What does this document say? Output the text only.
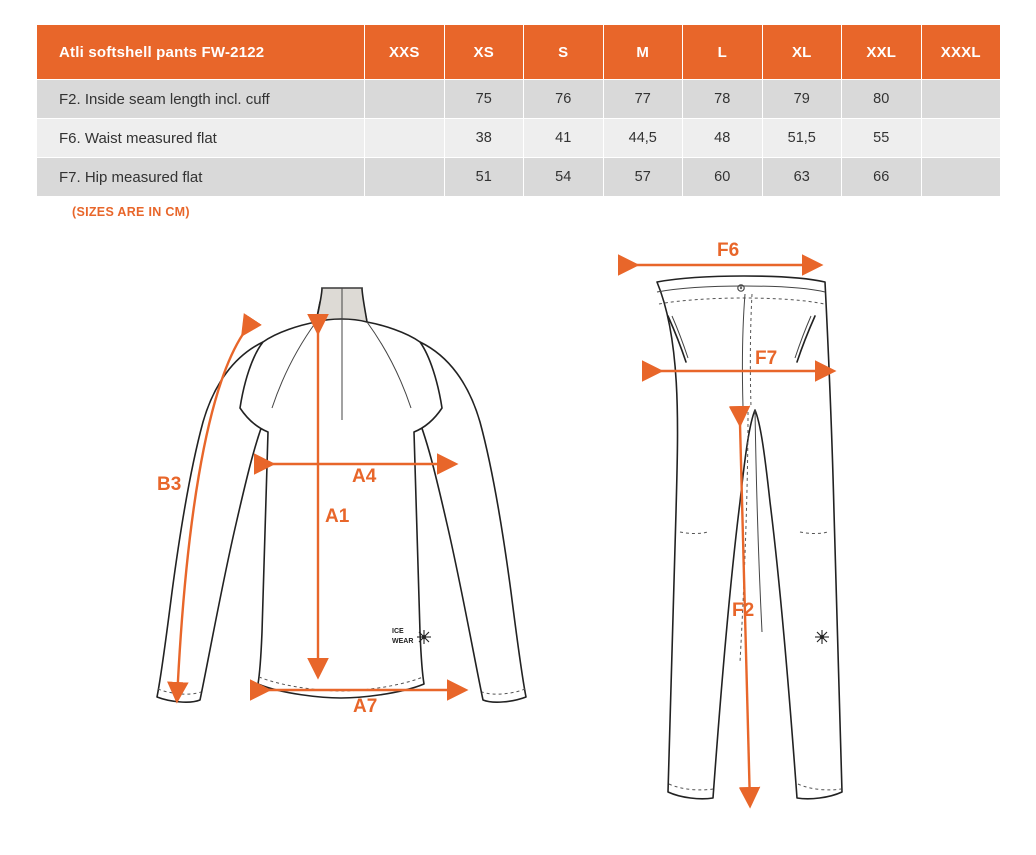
Atli softshell pants FW-2122	XXS	XS	S	M	L	XL	XXL	XXXL
F2. Inside seam length incl. cuff		75	76	77	78	79	80	
F6. Waist measured flat		38	41	44,5	48	51,5	55	
F7. Hip measured flat		51	54	57	60	63	66	
(SIZES ARE IN CM)
ICE
WEAR
B3	A4
A1
A7
F6
F7
F2
